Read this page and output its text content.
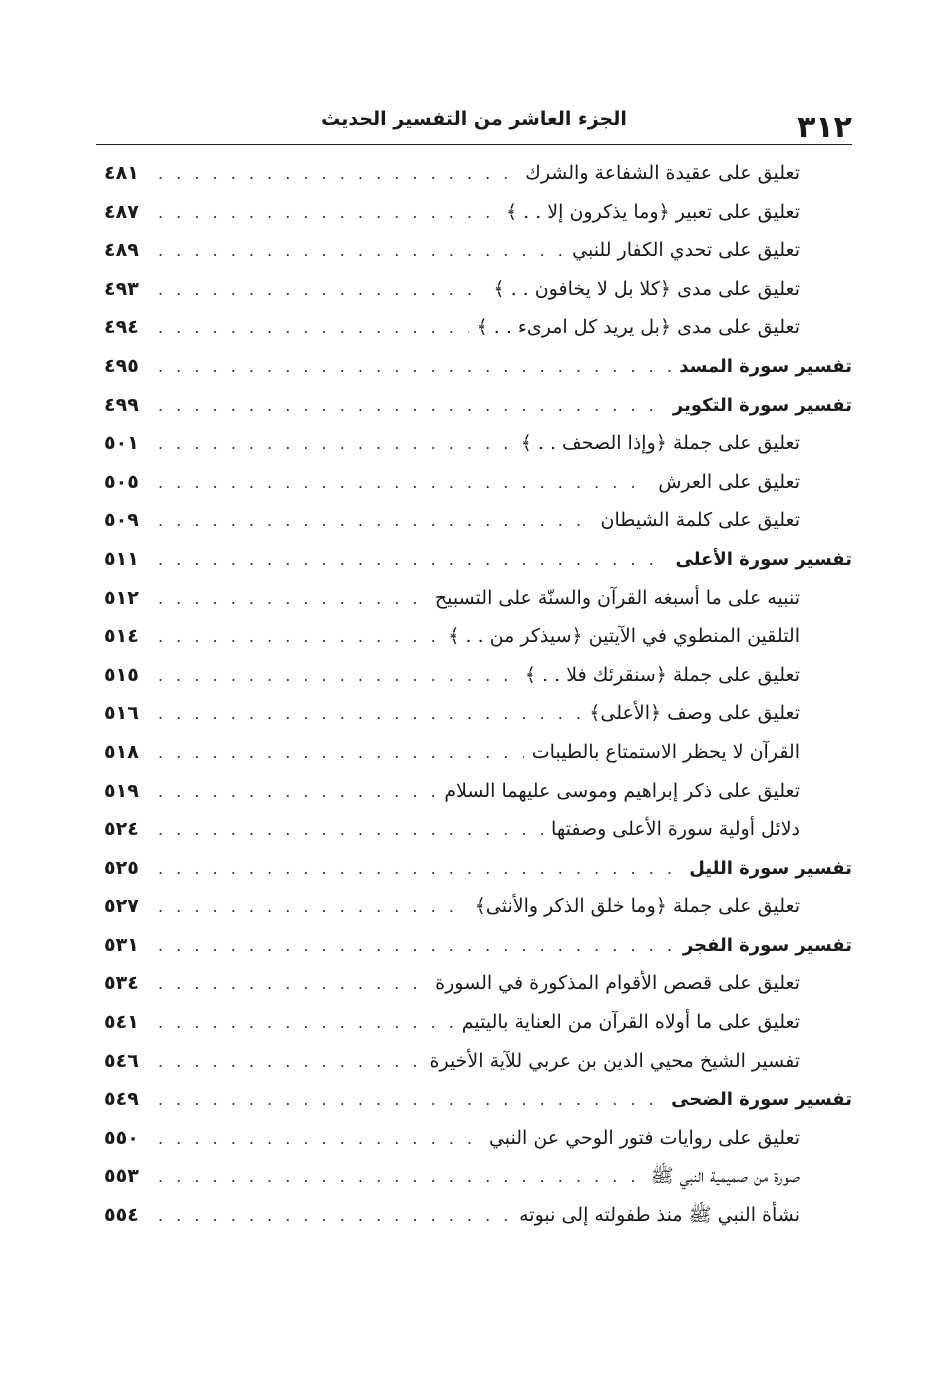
٣١٢
الجزء العاشر من التفسير الحديث
تعليق على عقيدة الشفاعة والشرك
. . .
٤٨١
تعليق على تعبير ﴿وما يذكرون إلا . . ﴾
. . .
٤٨٧
تعليق على تحدي الكفار للنبي
. . .
٤٨٩
تعليق على مدى ﴿كلا بل لا يخافون . . ﴾
. . .
٤٩٣
تعليق على مدى ﴿بل يريد كل امرىء . . ﴾
. . .
٤٩٤
تفسير سورة المسد
. . .
٤٩٥
تفسير سورة التكوير
. . .
٤٩٩
تعليق على جملة ﴿وإذا الصحف . . ﴾
. . .
٥٠١
تعليق على العرش
. . .
٥٠٥
تعليق على كلمة الشيطان
. . .
٥٠٩
تفسير سورة الأعلى
. . .
٥١١
تنبيه على ما أسبغه القرآن والسنّة على التسبيح
. . .
٥١٢
التلقين المنطوي في الآيتين ﴿سيذكر من . . ﴾
. . .
٥١٤
تعليق على جملة ﴿سنقرئك فلا . . ﴾
. . .
٥١٥
تعليق على وصف ﴿الأعلى﴾
. . .
٥١٦
القرآن لا يحظر الاستمتاع بالطيبات
. . .
٥١٨
تعليق على ذكر إبراهيم وموسى عليهما السلام
. . .
٥١٩
دلائل أولية سورة الأعلى وصفتها
. . .
٥٢٤
تفسير سورة الليل
. . .
٥٢٥
تعليق على جملة ﴿وما خلق الذكر والأنثى﴾
. . .
٥٢٧
تفسير سورة الفجر
. . .
٥٣١
تعليق على قصص الأقوام المذكورة في السورة
. . .
٥٣٤
تعليق على ما أولاه القرآن من العناية باليتيم
. . .
٥٤١
تفسير الشيخ محيي الدين بن عربي للآية الأخيرة
. . .
٥٤٦
تفسير سورة الضحى
. . .
٥٤٩
تعليق على روايات فتور الوحي عن النبي
. . .
٥٥٠
صورة من صميمية النبي ﷺ
. . .
٥٥٣
نشأة النبي ﷺ منذ طفولته إلى نبوته
. . .
٥٥٤
